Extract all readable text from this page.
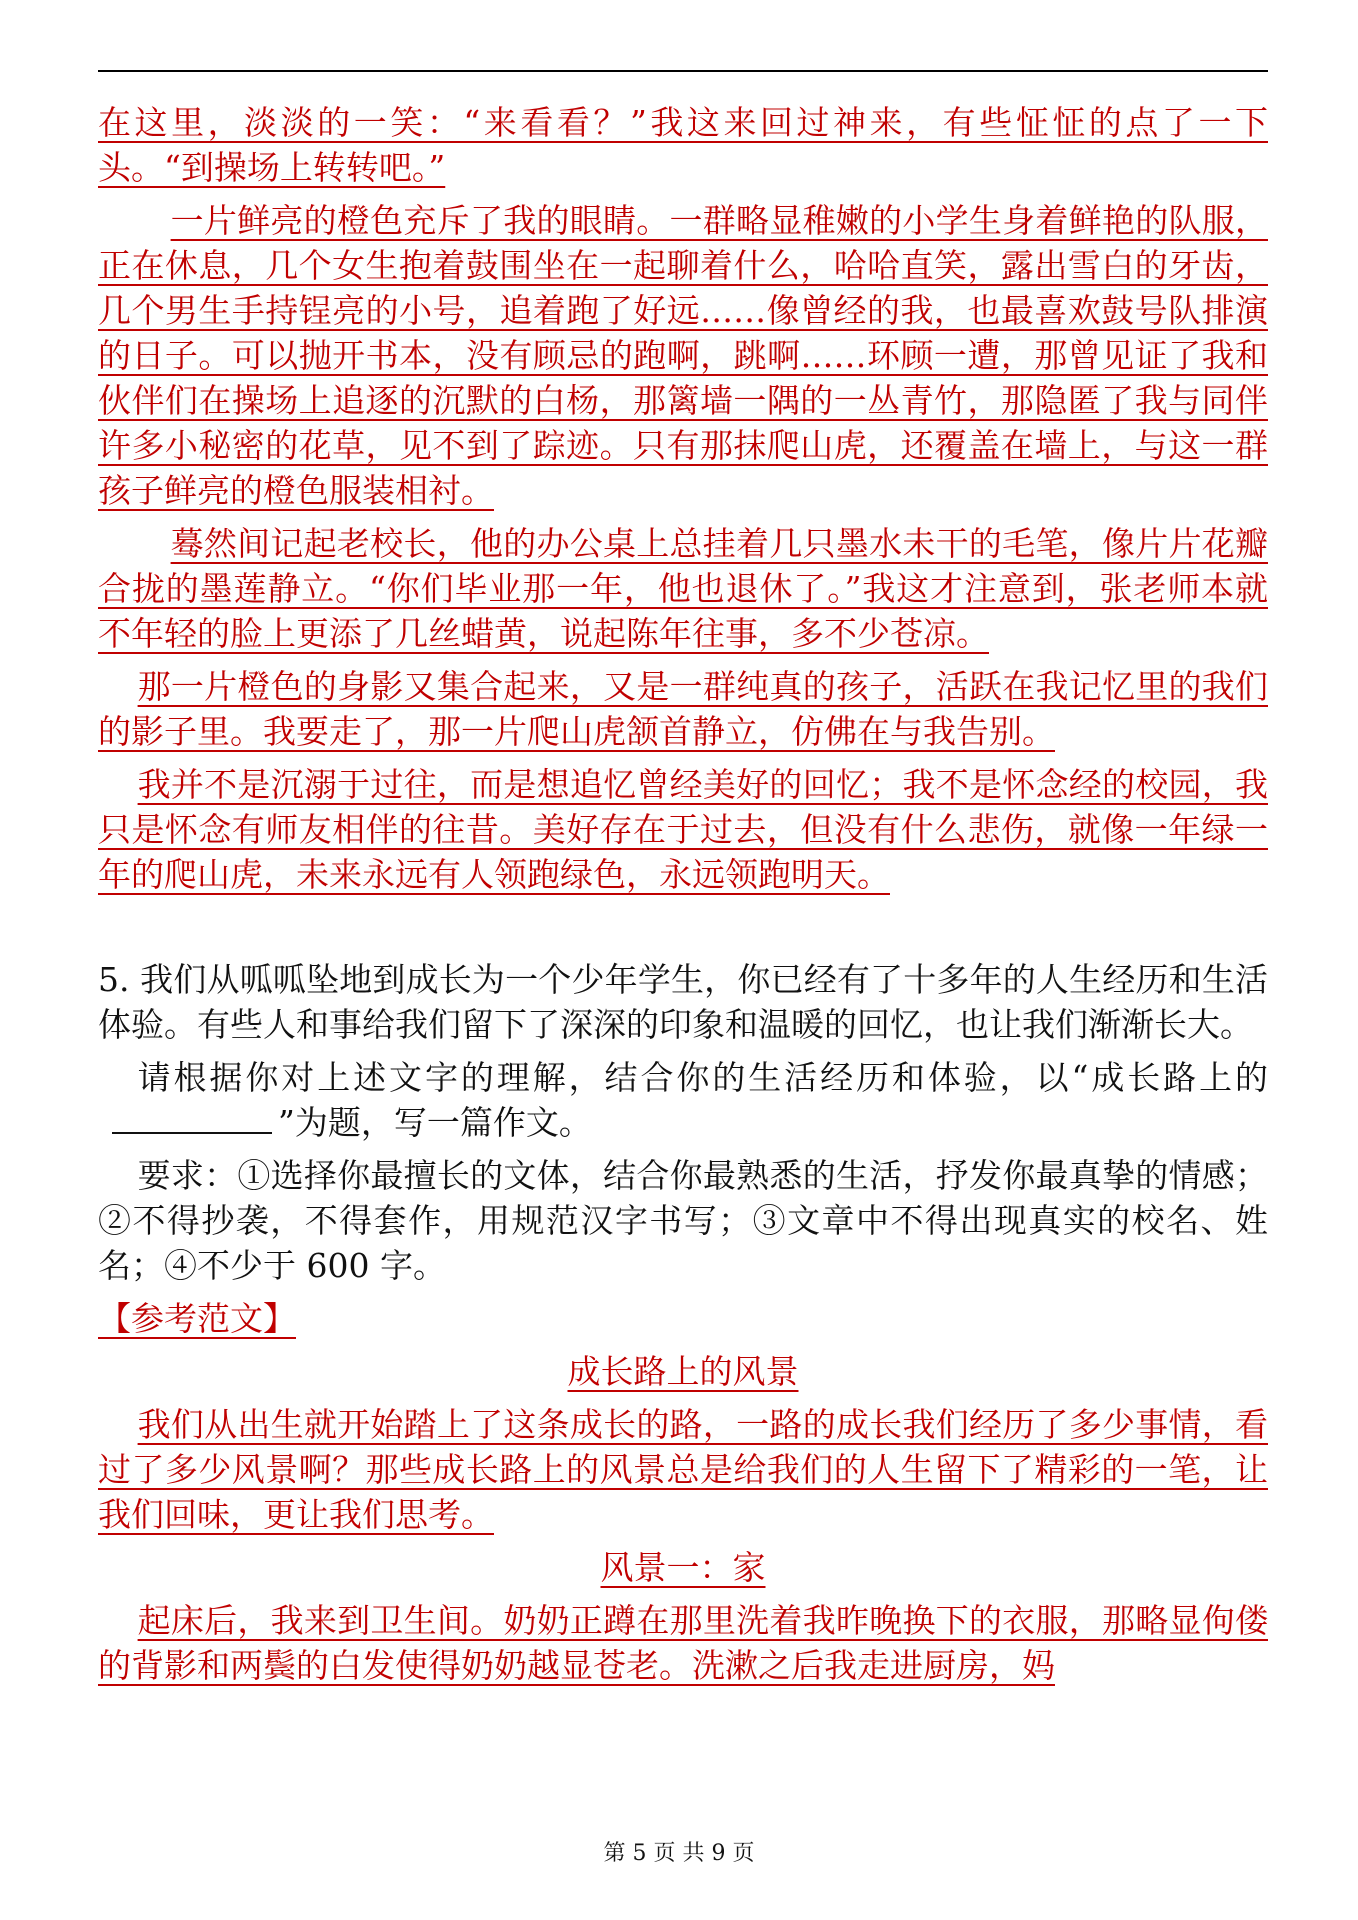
在这里，淡淡的一笑：“来看看？”我这来回过神来，有些怔怔的点了一下头。“到操场上转转吧。”

一片鲜亮的橙色充斥了我的眼睛。一群略显稚嫩的小学生身着鲜艳的队服，正在休息，几个女生抱着鼓围坐在一起聊着什么，哈哈直笑，露出雪白的牙齿，几个男生手持锃亮的小号，追着跑了好远……像曾经的我，也最喜欢鼓号队排演的日子。可以抛开书本，没有顾忌的跑啊，跳啊……环顾一遭，那曾见证了我和伙伴们在操场上追逐的沉默的白杨，那篱墙一隅的一丛青竹，那隐匿了我与同伴许多小秘密的花草，见不到了踪迹。只有那抹爬山虎，还覆盖在墙上，与这一群孩子鲜亮的橙色服装相衬。

蓦然间记起老校长，他的办公桌上总挂着几只墨水未干的毛笔，像片片花瓣合拢的墨莲静立。“你们毕业那一年，他也退休了。”我这才注意到，张老师本就不年轻的脸上更添了几丝蜡黄，说起陈年往事，多不少苍凉。

那一片橙色的身影又集合起来，又是一群纯真的孩子，活跃在我记忆里的我们的影子里。我要走了，那一片爬山虎颔首静立，仿佛在与我告别。

我并不是沉溺于过往，而是想追忆曾经美好的回忆；我不是怀念经的校园，我只是怀念有师友相伴的往昔。美好存在于过去，但没有什么悲伤，就像一年绿一年的爬山虎，未来永远有人领跑绿色，永远领跑明天。

5. 我们从呱呱坠地到成长为一个少年学生，你已经有了十多年的人生经历和生活体验。有些人和事给我们留下了深深的印象和温暖的回忆，也让我们渐渐长大。

请根据你对上述文字的理解，结合你的生活经历和体验，以“成长路上的”为题，写一篇作文。

要求：①选择你最擅长的文体，结合你最熟悉的生活，抒发你最真挚的情感；②不得抄袭，不得套作，用规范汉字书写；③文章中不得出现真实的校名、姓名；④不少于 600 字。

【参考范文】

成长路上的风景

我们从出生就开始踏上了这条成长的路，一路的成长我们经历了多少事情，看过了多少风景啊？那些成长路上的风景总是给我们的人生留下了精彩的一笔，让我们回味，更让我们思考。

风景一：家

起床后，我来到卫生间。奶奶正蹲在那里洗着我昨晚换下的衣服，那略显佝偻的背影和两鬓的白发使得奶奶越显苍老。洗漱之后我走进厨房，妈

第 5 页 共 9 页
